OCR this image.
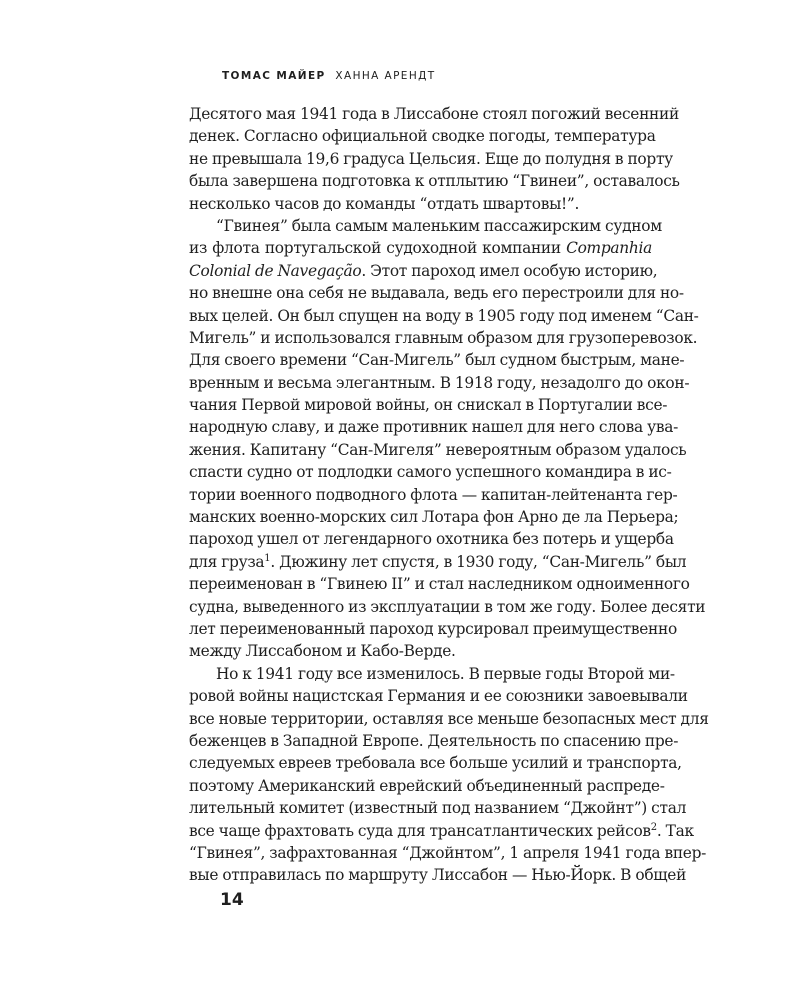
ТОМАС МАЙЕР ХАННА АРЕНДТ
Десятого мая 1941 года в Лиссабоне стоял погожий весенний
денек. Согласно официальной сводке погоды, температура
не превышала 19,6 градуса Цельсия. Еще до полудня в порту
была завершена подготовка к отплытию “Гвинеи”, оставалось
несколько часов до команды “отдать швартовы!”.
“Гвинея” была самым маленьким пассажирским судном
из флота португальской судоходной компании Companhia
Colonial de Navegação. Этот пароход имел особую историю,
но внешне она себя не выдавала, ведь его перестроили для но-
вых целей. Он был спущен на воду в 1905 году под именем “Сан-
Мигель” и использовался главным образом для грузоперевозок.
Для своего времени “Сан-Мигель” был судном быстрым, мане-
вренным и весьма элегантным. В 1918 году, незадолго до окон-
чания Первой мировой войны, он снискал в Португалии все-
народную славу, и даже противник нашел для него слова ува-
жения. Капитану “Сан-Мигеля” невероятным образом удалось
спасти судно от подлодки самого успешного командира в ис-
тории военного подводного флота — капитан-лейтенанта гер-
манских военно-морских сил Лотара фон Арно де ла Перьера;
пароход ушел от легендарного охотника без потерь и ущерба
для груза$^1$. Дюжину лет спустя, в 1930 году, “Сан-Мигель” был
переименован в “Гвинею II” и стал наследником одноименного
судна, выведенного из эксплуатации в том же году. Более десяти
лет переименованный пароход курсировал преимущественно
между Лиссабоном и Кабо-Верде.
Но к 1941 году все изменилось. В первые годы Второй ми-
ровой войны нацистская Германия и ее союзники завоевывали
все новые территории, оставляя все меньше безопасных мест для
беженцев в Западной Европе. Деятельность по спасению пре-
следуемых евреев требовала все больше усилий и транспорта,
поэтому Американский еврейский объединенный распреде-
лительный комитет (известный под названием “Джойнт”) стал
все чаще фрахтовать суда для трансатлантических рейсов$^2$. Так
“Гвинея”, зафрахтованная “Джойнтом”, 1 апреля 1941 года впер-
вые отправилась по маршруту Лиссабон — Нью-Йорк. В общей
14
